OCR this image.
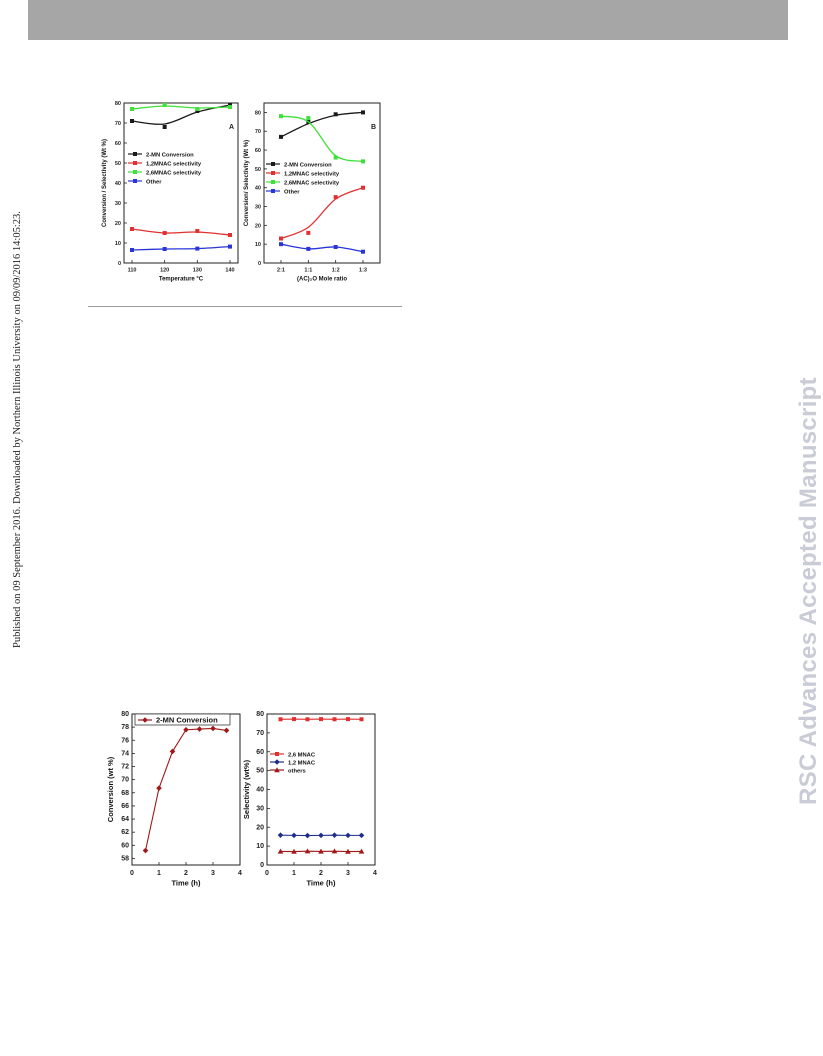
Published on 09 September 2016. Downloaded by Northern Illinois University on 09/09/2016 14:05:23.	RSC Advances Accepted Manuscript
0
10
20
30
40
50
60
70
80
110	120	130	140
Temperature °C
Conversion / Selectivity (Wt %)
A
2-MN Conversion
1,2MNAC selectivity
2,6MNAC selectivity
Other
0
10
20
30
40
50
60
70
80
2:1	1:1	1:2	1:3
(AC)₂O Mole ratio
Conversion/ Selectivity (Wt %)
B
2-MN Conversion
1,2MNAC selectivity
2,6MNAC selectivity
Other
58
60
62
64
66
68
70
72
74
76
78
80
0	1	2	3	4
Time (h)
Conversion (wt %)
2-MN Conversion
0
10
20
30
40
50
60
70
80
0	1	2	3	4
Time (h)
Selectivity (wt%)
2,6 MNAC
1,2 MNAC
others
